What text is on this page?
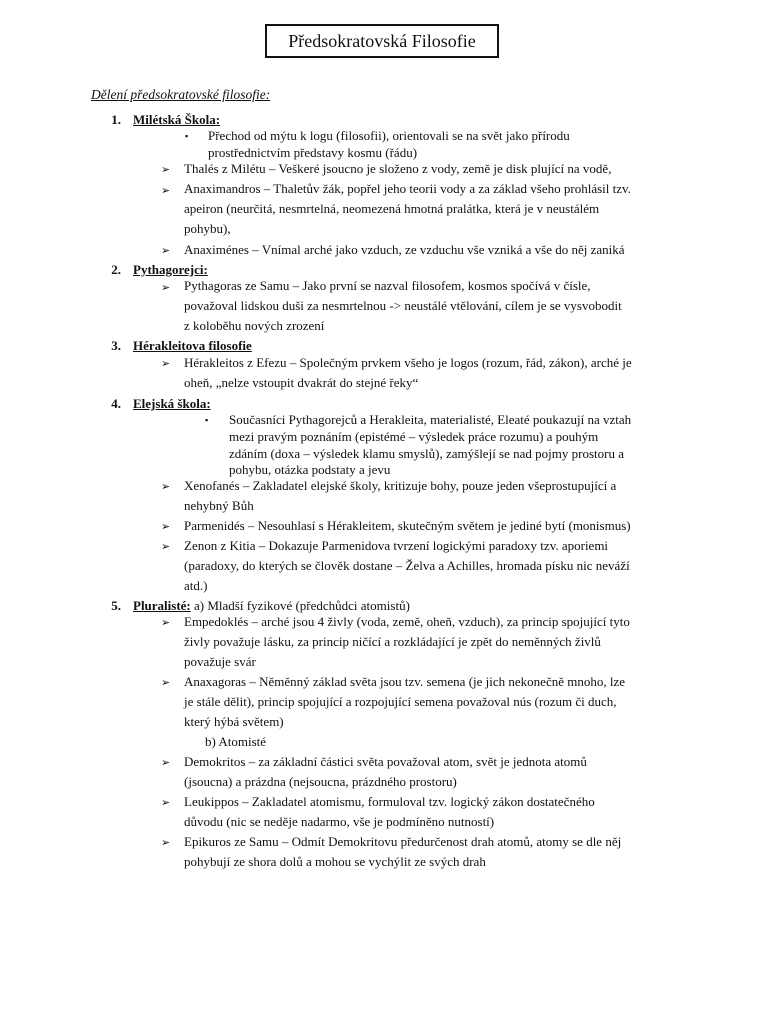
Předsokratovská Filosofie
Dělení předsokratovské filosofie:
1. Milétská Škola:
▪ Přechod od mýtu k logu (filosofii), orientovali se na svět jako přírodu
prostřednictvím představy kosmu (řádu)
➢ Thalés z Milétu – Veškeré jsoucno je složeno z vody, země je disk plující na vodě,
➢ Anaximandros – Thaletův žák, popřel jeho teorii vody a za základ všeho prohlásil tzv.
apeiron (neurčitá, nesmrtelná, neomezená hmotná pralátka, která je v neustálém
pohybu),
➢ Anaximénes – Vnímal arché jako vzduch, ze vzduchu vše vzniká a vše do něj zaniká
2. Pythagorejci:
➢ Pythagoras ze Samu – Jako první se nazval filosofem, kosmos spočívá v čísle,
považoval lidskou duši za nesmrtelnou -> neustálé vtělování, cílem je se vysvobodit
z koloběhu nových zrození
3. Hérakleitova filosofie
➢ Hérakleitos z Efezu – Společným prvkem všeho je logos (rozum, řád, zákon), arché je
oheň, „nelze vstoupit dvakrát do stejné řeky“
4. Elejská škola:
▪ Současníci Pythagorejců a Herakleita, materialisté, Eleaté poukazují na vztah
mezi pravým poznáním (epistémé – výsledek práce rozumu) a pouhým
zdáním (doxa – výsledek klamu smyslů), zamýšlejí se nad pojmy prostoru a
pohybu, otázka podstaty a jevu
➢ Xenofanés – Zakladatel elejské školy, kritizuje bohy, pouze jeden všeprostupující a
nehybný Bůh
➢ Parmenidés – Nesouhlasí s Hérakleitem, skutečným světem je jediné bytí (monismus)
➢ Zenon z Kitia – Dokazuje Parmenidova tvrzení logickými paradoxy tzv. aporiemi
(paradoxy, do kterých se člověk dostane – Želva a Achilles, hromada písku nic neváží
atd.)
5. Pluralisté: a) Mladší fyzikové (předchůdci atomistů)
➢ Empedoklés – arché jsou 4 živly (voda, země, oheň, vzduch), za princip spojující tyto
živly považuje lásku, za princip ničící a rozkládající je zpět do neměnných živlů
považuje svár
➢ Anaxagoras – Něměnný základ světa jsou tzv. semena (je jich nekonečně mnoho, lze
je stále dělit), princip spojující a rozpojující semena považoval nús (rozum či duch,
který hýbá světem)
b) Atomisté
➢ Demokritos – za základní částici světa považoval atom, svět je jednota atomů
(jsoucna) a prázdna (nejsoucna, prázdného prostoru)
➢ Leukippos – Zakladatel atomismu, formuloval tzv. logický zákon dostatečného
důvodu (nic se neděje nadarmo, vše je podmíněno nutností)
➢ Epikuros ze Samu – Odmít Demokritovu předurčenost drah atomů, atomy se dle něj
pohybují ze shora dolů a mohou se vychýlit ze svých drah
